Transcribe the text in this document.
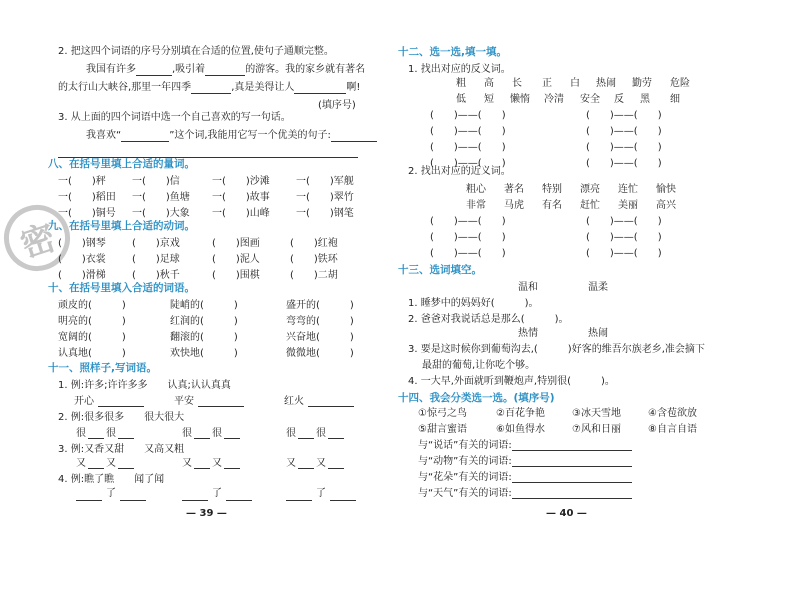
密
2. 把这四个词语的序号分别填在合适的位置,使句子通顺完整。
我国有许多	,吸引着	的游客。我的家乡就有著名
的太行山大峡谷,那里一年四季	,真是美得让人	啊!
(填序号)
3. 从上面的四个词语中选一个自己喜欢的写一句话。
我喜欢“	”这个词,我能用它写一个优美的句子:
八、在括号里填上合适的量词。
一(　　)秤	一(　　)信	一(　　)沙滩	一(　　)军舰
一(　　)稻田 一(　　)鱼塘 一(　　)故事	一(　　)翠竹
一(　　)铜号 一(　　)大象 一(　　)山峰	一(　　)钢笔
九、在括号里填上合适的动词。
(　　)钢琴	(　　)京戏	(　　)图画	(　　)红袍
(　　)衣裳	(　　)足球	(　　)泥人	(　　)铁环
(　　)滑梯	(　　)秋千	(　　)围棋	(　　)二胡
十、在括号里填入合适的词语。
顽皮的(　　　)	陡峭的(　　　)	盛开的(　　　)
明亮的(　　　)	红润的(　　　)	弯弯的(　　　)
宽阔的(　　　)	翻滚的(　　　)	兴奋地(　　　)
认真地(　　　)	欢快地(　　　)	微微地(　　　)
十一、照样子,写词语。
1. 例:许多;许许多多　　认真;认认真真
开心	平安	红火
2. 例:很多很多　　很大很大
很 很	很 很	很 很
3. 例:又香又甜　　又高又粗
又 又	又 又	又 又
4. 例:瞧了瞧　　闻了闻
了	了	了
— 39 —
十二、选一选,填一填。
1. 找出对应的反义词。
粗 高 长 正 白 热闹 勤劳 危险
低 短 懒惰 冷清 安全 反 黑 细
(　　)——(　　)	(　　)——(　　)
(　　)——(　　)	(　　)——(　　)
(　　)——(　　)	(　　)——(　　)
(　　)——(　　)	(　　)——(　　)
2. 找出对应的近义词。
粗心 著名 特别 漂亮 连忙 愉快
非常 马虎 有名 赶忙 美丽 高兴
(　　)——(　　)	(　　)——(　　)
(　　)——(　　)	(　　)——(　　)
(　　)——(　　)	(　　)——(　　)
十三、选词填空。
温和	温柔
1. 睡梦中的妈妈好(　　　)。
2. 爸爸对我说话总是那么(　　　)。
热情	热闹
3. 要是这时候你到葡萄沟去,(　　　)好客的维吾尔族老乡,准会摘下
最甜的葡萄,让你吃个够。
4. 一大早,外面就听到鞭炮声,特别很(　　　)。
十四、我会分类选一选。(填序号)
①惊弓之鸟	②百花争艳	③冰天雪地	④含苞欲放
⑤甜言蜜语	⑥如鱼得水	⑦风和日丽	⑧自言自语
与“说话”有关的词语:
与“动物”有关的词语:
与“花朵”有关的词语:
与“天气”有关的词语:
— 40 —
